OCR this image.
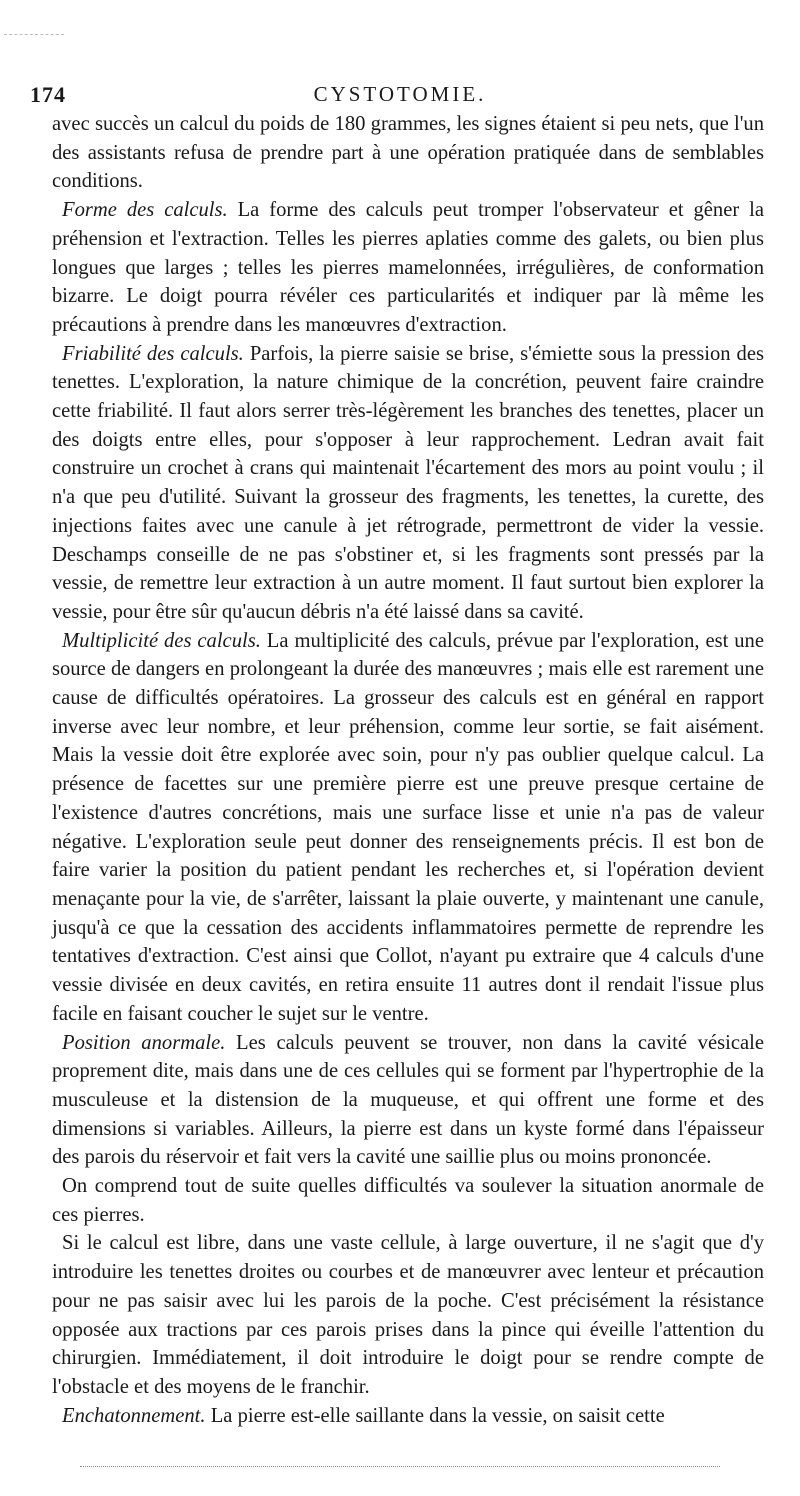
174	CYSTOTOMIE.

avec succès un calcul du poids de 180 grammes, les signes étaient si peu nets, que l'un des assistants refusa de prendre part à une opération pratiquée dans de semblables conditions.

Forme des calculs. La forme des calculs peut tromper l'observateur et gêner la préhension et l'extraction. Telles les pierres aplaties comme des galets, ou bien plus longues que larges ; telles les pierres mamelonnées, irrégulières, de conformation bizarre. Le doigt pourra révéler ces particularités et indiquer par là même les précautions à prendre dans les manœuvres d'extraction.

Friabilité des calculs. Parfois, la pierre saisie se brise, s'émiette sous la pression des tenettes. L'exploration, la nature chimique de la concrétion, peuvent faire craindre cette friabilité. Il faut alors serrer très-légèrement les branches des tenettes, placer un des doigts entre elles, pour s'opposer à leur rapprochement. Ledran avait fait construire un crochet à crans qui maintenait l'écartement des mors au point voulu ; il n'a que peu d'utilité. Suivant la grosseur des fragments, les tenettes, la curette, des injections faites avec une canule à jet rétrograde, permettront de vider la vessie. Deschamps conseille de ne pas s'obstiner et, si les fragments sont pressés par la vessie, de remettre leur extraction à un autre moment. Il faut surtout bien explorer la vessie, pour être sûr qu'aucun débris n'a été laissé dans sa cavité.

Multiplicité des calculs. La multiplicité des calculs, prévue par l'exploration, est une source de dangers en prolongeant la durée des manœuvres ; mais elle est rarement une cause de difficultés opératoires. La grosseur des calculs est en général en rapport inverse avec leur nombre, et leur préhension, comme leur sortie, se fait aisément. Mais la vessie doit être explorée avec soin, pour n'y pas oublier quelque calcul. La présence de facettes sur une première pierre est une preuve presque certaine de l'existence d'autres concrétions, mais une surface lisse et unie n'a pas de valeur négative. L'exploration seule peut donner des renseignements précis. Il est bon de faire varier la position du patient pendant les recherches et, si l'opération devient menaçante pour la vie, de s'arrêter, laissant la plaie ouverte, y maintenant une canule, jusqu'à ce que la cessation des accidents inflammatoires permette de reprendre les tentatives d'extraction. C'est ainsi que Collot, n'ayant pu extraire que 4 calculs d'une vessie divisée en deux cavités, en retira ensuite 11 autres dont il rendait l'issue plus facile en faisant coucher le sujet sur le ventre.

Position anormale. Les calculs peuvent se trouver, non dans la cavité vésicale proprement dite, mais dans une de ces cellules qui se forment par l'hypertrophie de la musculeuse et la distension de la muqueuse, et qui offrent une forme et des dimensions si variables. Ailleurs, la pierre est dans un kyste formé dans l'épaisseur des parois du réservoir et fait vers la cavité une saillie plus ou moins prononcée.

On comprend tout de suite quelles difficultés va soulever la situation anormale de ces pierres.

Si le calcul est libre, dans une vaste cellule, à large ouverture, il ne s'agit que d'y introduire les tenettes droites ou courbes et de manœuvrer avec lenteur et précaution pour ne pas saisir avec lui les parois de la poche. C'est précisément la résistance opposée aux tractions par ces parois prises dans la pince qui éveille l'attention du chirurgien. Immédiatement, il doit introduire le doigt pour se rendre compte de l'obstacle et des moyens de le franchir.

Enchatonnement. La pierre est-elle saillante dans la vessie, on saisit cette
